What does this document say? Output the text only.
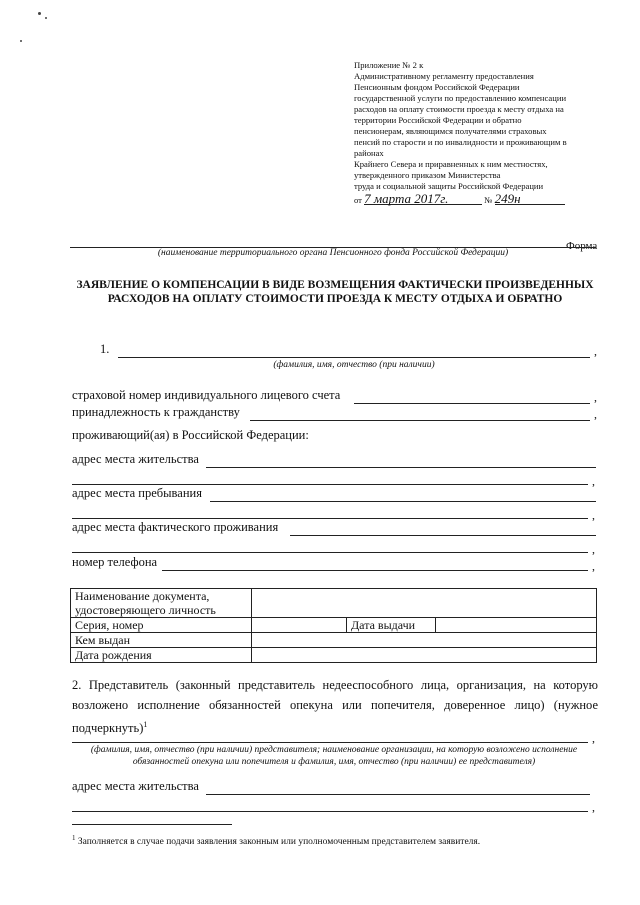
Приложение № 2 к
Административному регламенту предоставления
Пенсионным фондом Российской Федерации
государственной услуги по предоставлению компенсации
расходов на оплату стоимости проезда к месту отдыха на
территории Российской Федерации и обратно
пенсионерам, являющимся получателями страховых
пенсий по старости и по инвалидности и проживающим в
районах
Крайнего Севера и приравненных к ним местностях,
утвержденного приказом Министерства
труда и социальной защиты Российской Федерации
от 7 марта 2017г.	№ 249н
Форма
(наименование территориального органа Пенсионного фонда Российской Федерации)
ЗАЯВЛЕНИЕ О КОМПЕНСАЦИИ В ВИДЕ ВОЗМЕЩЕНИЯ ФАКТИЧЕСКИ ПРОИЗВЕДЕННЫХ РАСХОДОВ НА ОПЛАТУ СТОИМОСТИ ПРОЕЗДА К МЕСТУ ОТДЫХА И ОБРАТНО
1.	,
(фамилия, имя, отчество (при наличии)
страховой номер индивидуального лицевого счета	,
принадлежность к гражданству	,
проживающий(ая) в Российской Федерации:
адрес места жительства
,
адрес места пребывания
,
адрес места фактического проживания
,
номер телефона	,
Наименование документа, удостоверяющего личность			
Серия, номер		Дата выдачи	
Кем выдан			
Дата рождения			
2. Представитель (законный представитель недееспособного лица, организация, на которую возложено исполнение обязанностей опекуна или попечителя, доверенное лицо) (нужное подчеркнуть)$^1$
,
(фамилия, имя, отчество (при наличии) представителя; наименование организации, на которую возложено исполнение обязанностей опекуна или попечителя и фамилия, имя, отчество (при наличии) ее представителя)
адрес места жительства
,
$^1$ Заполняется в случае подачи заявления законным или уполномоченным представителем заявителя.
